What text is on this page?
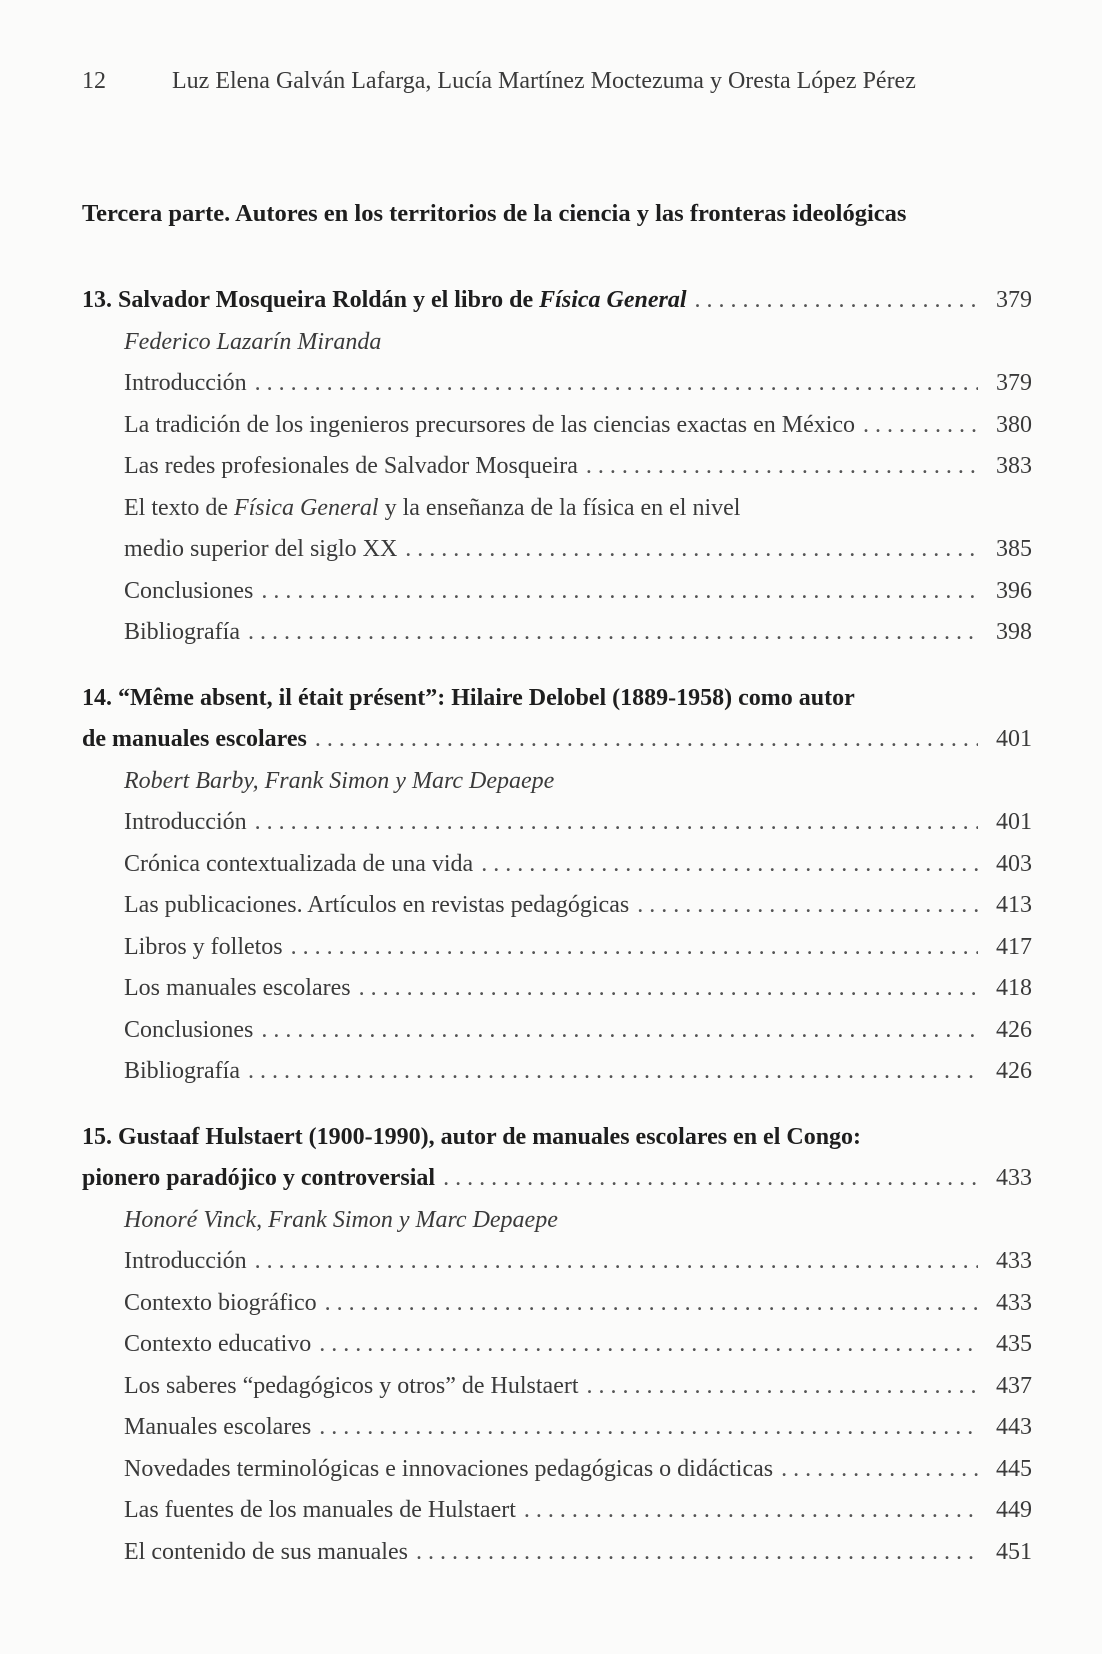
12	Luz Elena Galván Lafarga, Lucía Martínez Moctezuma y Oresta López Pérez
Tercera parte. Autores en los territorios de la ciencia y las fronteras ideológicas
13. Salvador Mosqueira Roldán y el libro de Física General . . .	379
Federico Lazarín Miranda
Introducción . . .	379
La tradición de los ingenieros precursores de las ciencias exactas en México . . .	380
Las redes profesionales de Salvador Mosqueira . . .	383
El texto de Física General y la enseñanza de la física en el nivel
medio superior del siglo XX . . .	385
Conclusiones . . .	396
Bibliografía . . .	398
14. “Même absent, il était présent”: Hilaire Delobel (1889-1958) como autor
de manuales escolares . . .	401
Robert Barby, Frank Simon y Marc Depaepe
Introducción . . .	401
Crónica contextualizada de una vida . . .	403
Las publicaciones. Artículos en revistas pedagógicas . . .	413
Libros y folletos . . .	417
Los manuales escolares . . .	418
Conclusiones . . .	426
Bibliografía . . .	426
15. Gustaaf Hulstaert (1900-1990), autor de manuales escolares en el Congo:
pionero paradójico y controversial . . .	433
Honoré Vinck, Frank Simon y Marc Depaepe
Introducción . . .	433
Contexto biográfico . . .	433
Contexto educativo . . .	435
Los saberes “pedagógicos y otros” de Hulstaert . . .	437
Manuales escolares . . .	443
Novedades terminológicas e innovaciones pedagógicas o didácticas . . .	445
Las fuentes de los manuales de Hulstaert . . .	449
El contenido de sus manuales . . .	451
